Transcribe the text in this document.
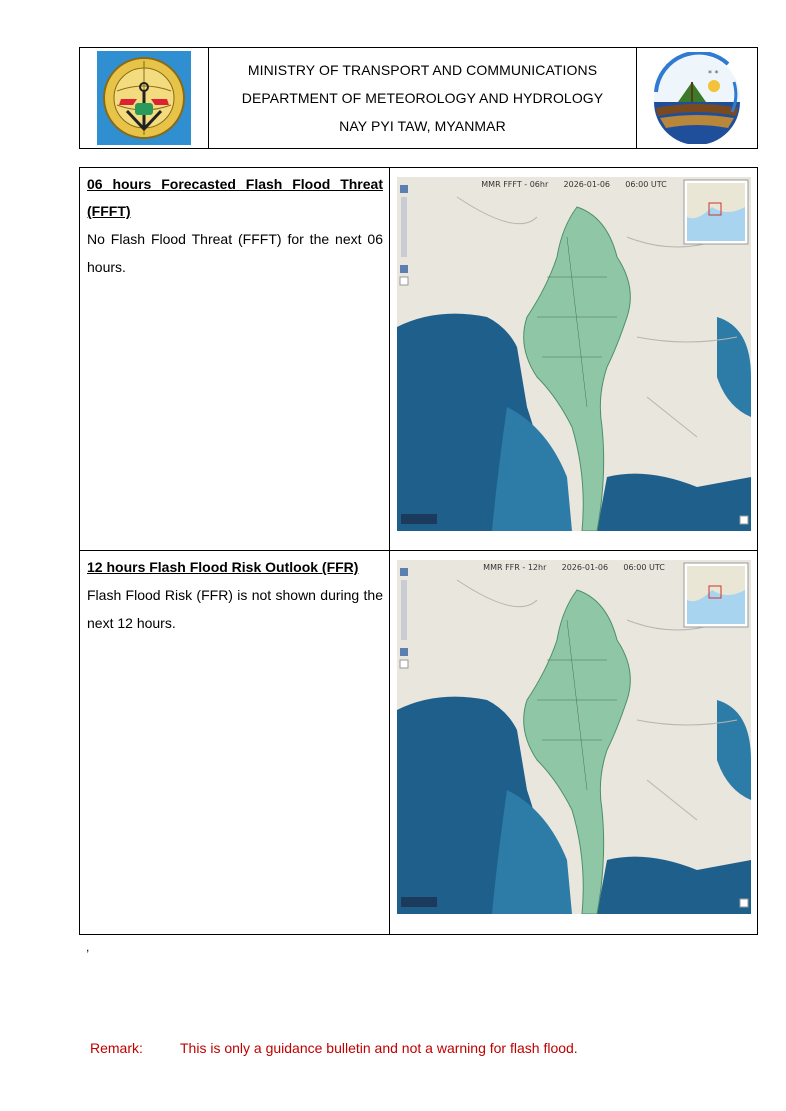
MINISTRY OF TRANSPORT AND COMMUNICATIONS
DEPARTMENT OF METEOROLOGY AND HYDROLOGY
NAY PYI TAW, MYANMAR
* *
06 hours Forecasted Flash Flood Threat (FFFT)
No Flash Flood Threat (FFFT) for the next 06 hours.
MMR FFFT - 06hr      2026-01-06      06:00 UTC
12 hours Flash Flood Risk Outlook (FFR)
Flash Flood Risk (FFR) is not shown during the next 12 hours.
MMR FFR - 12hr      2026-01-06      06:00 UTC
,
Remark:	This is only a guidance bulletin and not a warning for flash flood.
